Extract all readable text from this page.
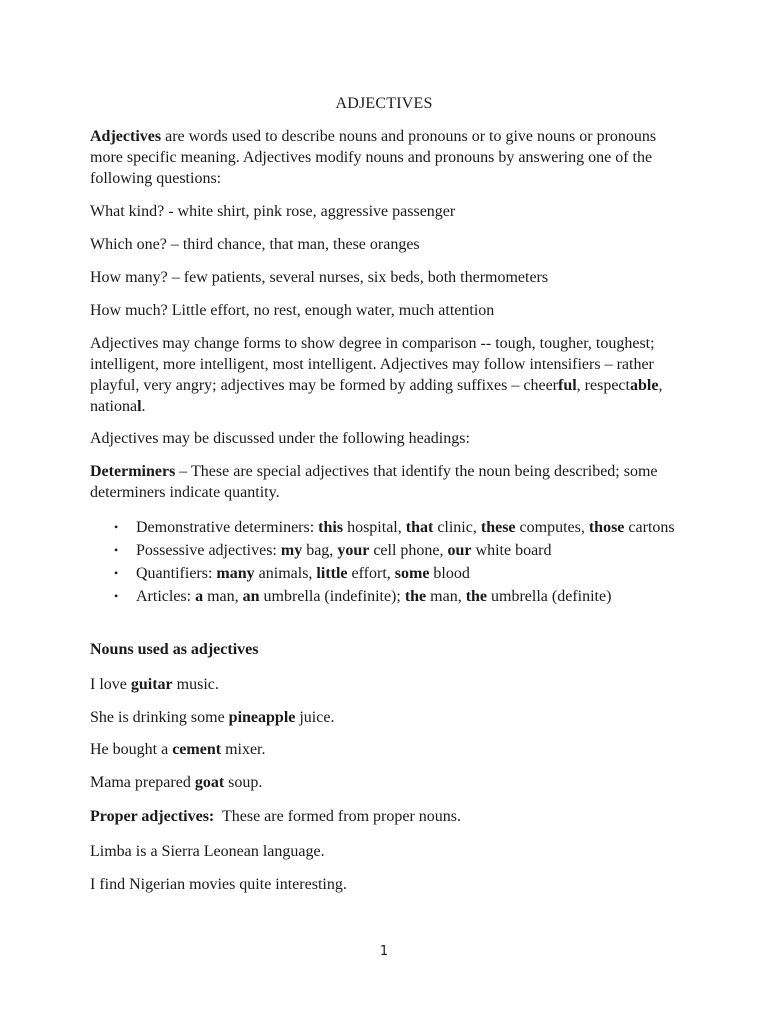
ADJECTIVES

Adjectives are words used to describe nouns and pronouns or to give nouns or pronouns more specific meaning. Adjectives modify nouns and pronouns by answering one of the following questions:

What kind? - white shirt, pink rose, aggressive passenger

Which one? – third chance, that man, these oranges

How many? – few patients, several nurses, six beds, both thermometers

How much? Little effort, no rest, enough water, much attention

Adjectives may change forms to show degree in comparison -- tough, tougher, toughest; intelligent, more intelligent, most intelligent. Adjectives may follow intensifiers – rather playful, very angry; adjectives may be formed by adding suffixes – cheerful, respectable, national.

Adjectives may be discussed under the following headings:

Determiners – These are special adjectives that identify the noun being described; some determiners indicate quantity.

• Demonstrative determiners: this hospital, that clinic, these computes, those cartons
• Possessive adjectives: my bag, your cell phone, our white board
• Quantifiers: many animals, little effort, some blood
• Articles: a man, an umbrella (indefinite); the man, the umbrella (definite)

Nouns used as adjectives

I love guitar music.

She is drinking some pineapple juice.

He bought a cement mixer.

Mama prepared goat soup.

Proper adjectives:  These are formed from proper nouns.

Limba is a Sierra Leonean language.

I find Nigerian movies quite interesting.

1
